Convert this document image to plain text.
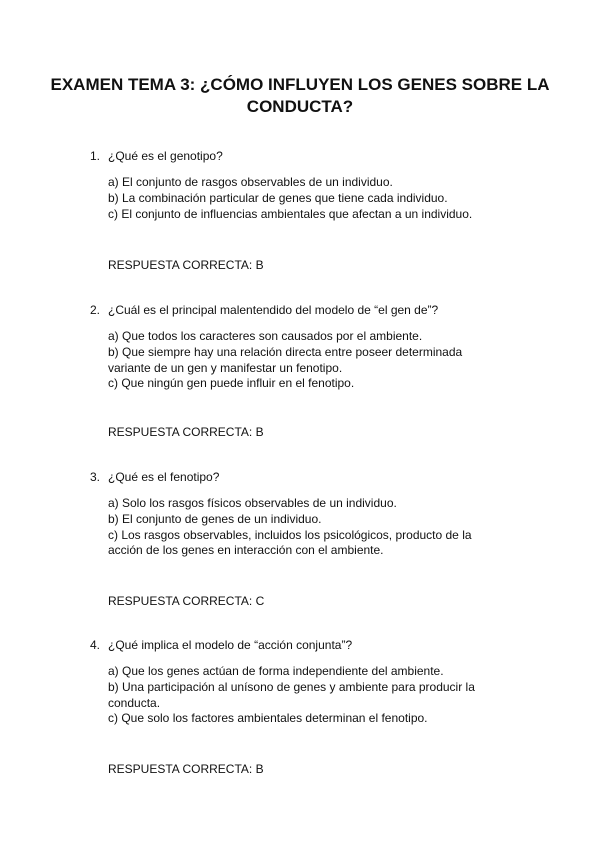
EXAMEN TEMA 3: ¿CÓMO INFLUYEN LOS GENES SOBRE LA CONDUCTA?
1. ¿Qué es el genotipo?

a) El conjunto de rasgos observables de un individuo.

b) La combinación particular de genes que tiene cada individuo.

c) El conjunto de influencias ambientales que afectan a un individuo.

RESPUESTA CORRECTA: B
2. ¿Cuál es el principal malentendido del modelo de “el gen de”?

a) Que todos los caracteres son causados por el ambiente.

b) Que siempre hay una relación directa entre poseer determinada variante de un gen y manifestar un fenotipo.

c) Que ningún gen puede influir en el fenotipo.

RESPUESTA CORRECTA: B
3. ¿Qué es el fenotipo?

a) Solo los rasgos físicos observables de un individuo.

b) El conjunto de genes de un individuo.

c) Los rasgos observables, incluidos los psicológicos, producto de la acción de los genes en interacción con el ambiente.

RESPUESTA CORRECTA: C
4. ¿Qué implica el modelo de “acción conjunta”?

a) Que los genes actúan de forma independiente del ambiente.

b) Una participación al unísono de genes y ambiente para producir la conducta.

c) Que solo los factores ambientales determinan el fenotipo.

RESPUESTA CORRECTA: B
